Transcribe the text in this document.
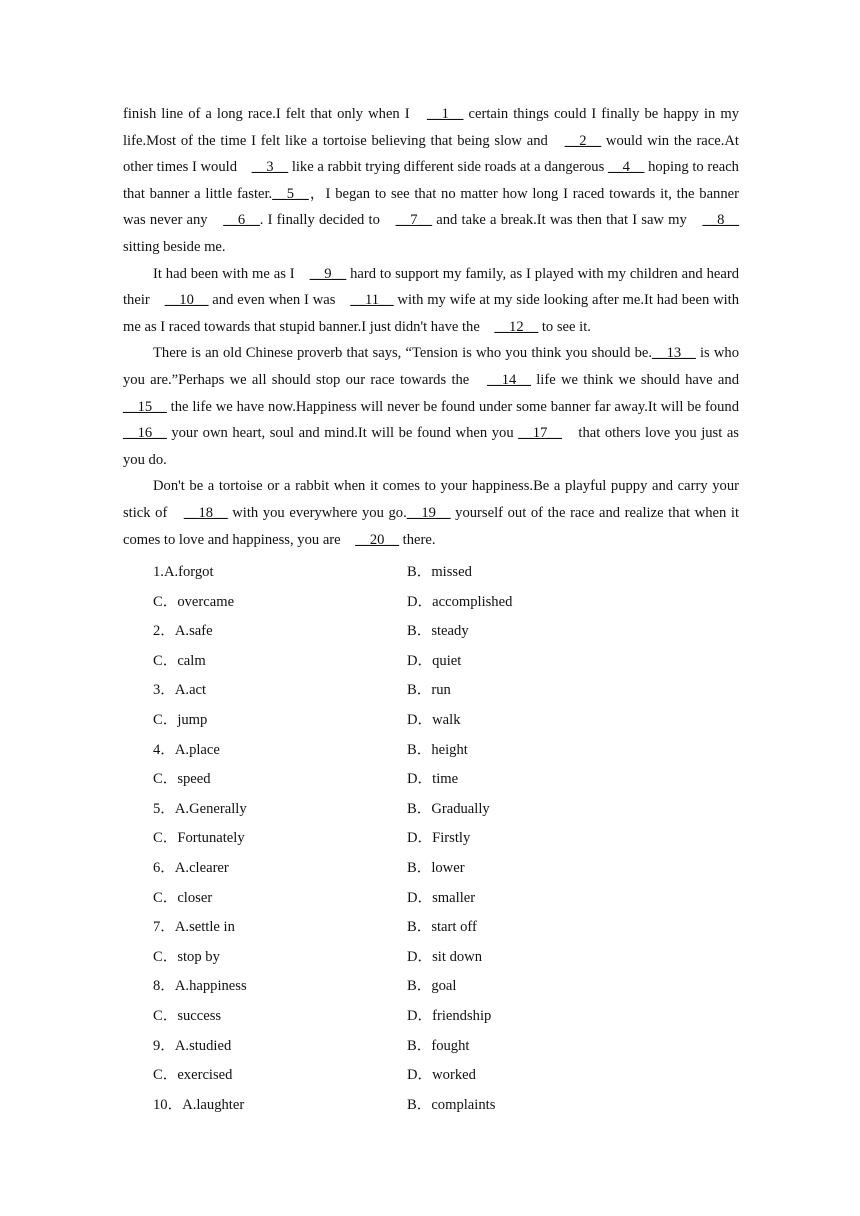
finish line of a long race.I felt that only when I　__1__ certain things could I finally be happy in my life.Most of the time I felt like a tortoise believing that being slow and　__2__ would win the race.At other times I would　__3__ like a rabbit trying different side roads at a dangerous __4__ hoping to reach that banner a little faster.__5__，I began to see that no matter how long I raced towards it, the banner was never any　__6__. I finally decided to　__7__ and take a break.It was then that I saw my　__8__ sitting beside me.

It had been with me as I　__9__ hard to support my family, as I played with my children and heard their　__10__ and even when I was　__11__ with my wife at my side looking after me.It had been with me as I raced towards that stupid banner.I just didn't have the　__12__ to see it.

There is an old Chinese proverb that says, “Tension is who you think you should be.__13__ is who you are.”Perhaps we all should stop our race towards the　__14__ life we think we should have and　__15__ the life we have now.Happiness will never be found under some banner far away.It will be found　__16__ your own heart, soul and mind.It will be found when you __17__　that others love you just as you do.

Don't be a tortoise or a rabbit when it comes to your happiness.Be a playful puppy and carry your stick of　__18__ with you everywhere you go.__19__ yourself out of the race and realize that when it comes to love and happiness, you are　__20__ there.

1.A.forgot	B．missed
C．overcame	D．accomplished
2．A.safe	B．steady
C．calm	D．quiet
3．A.act	B．run
C．jump	D．walk
4．A.place	B．height
C．speed	D．time
5．A.Generally	B．Gradually
C．Fortunately	D．Firstly
6．A.clearer	B．lower
C．closer	D．smaller
7．A.settle in	B．start off
C．stop by	D．sit down
8．A.happiness	B．goal
C．success	D．friendship
9．A.studied	B．fought
C．exercised	D．worked
10．A.laughter	B．complaints
